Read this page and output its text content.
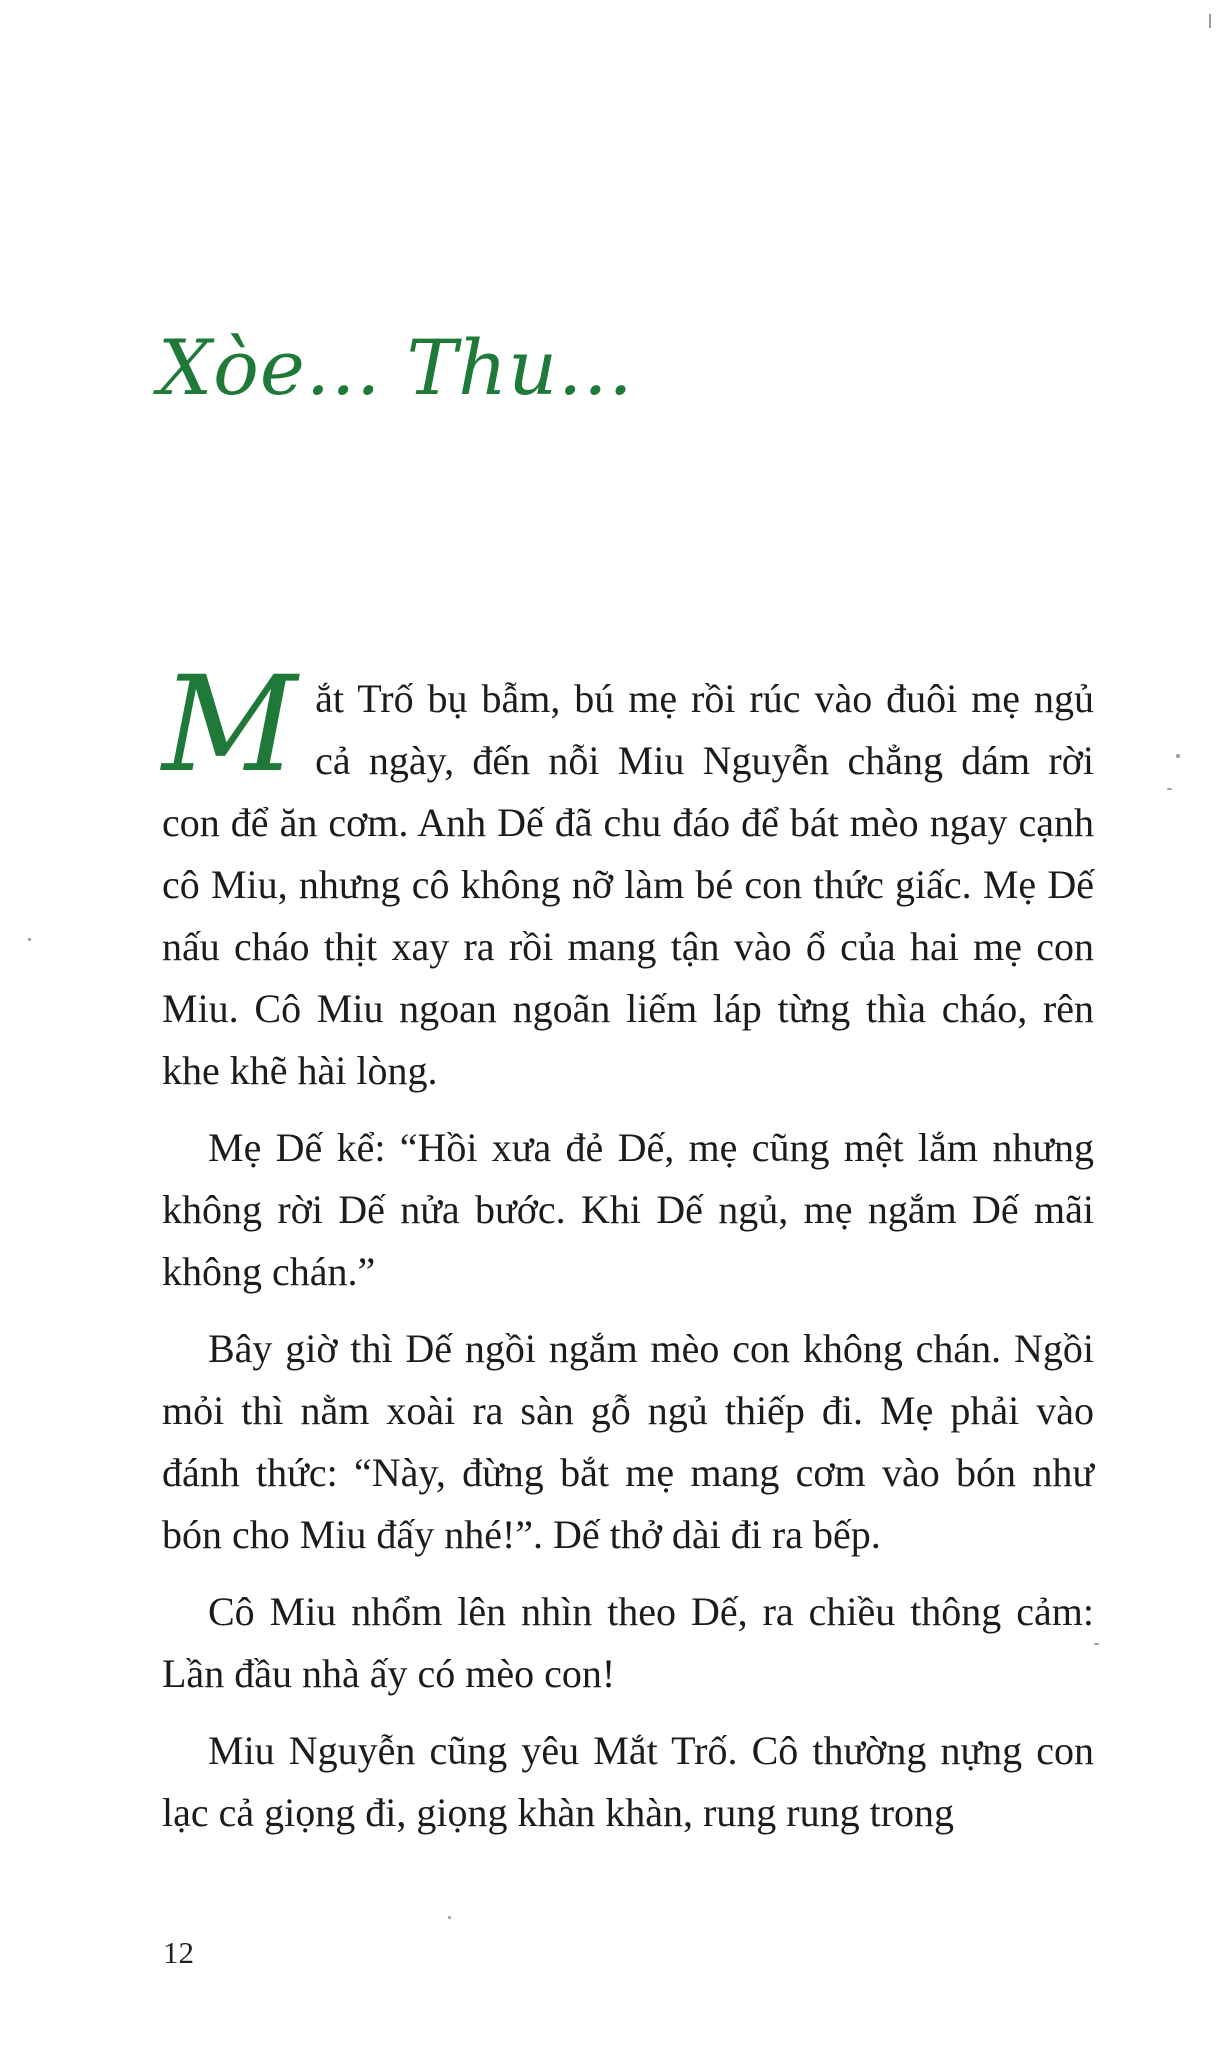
Xòe... Thu...

Mắt Trố bụ bẫm, bú mẹ rồi rúc vào đuôi mẹ ngủ cả ngày, đến nỗi Miu Nguyễn chẳng dám rời con để ăn cơm. Anh Dế đã chu đáo để bát mèo ngay cạnh cô Miu, nhưng cô không nỡ làm bé con thức giấc. Mẹ Dế nấu cháo thịt xay ra rồi mang tận vào ổ của hai mẹ con Miu. Cô Miu ngoan ngoãn liếm láp từng thìa cháo, rên khe khẽ hài lòng.

Mẹ Dế kể: “Hồi xưa đẻ Dế, mẹ cũng mệt lắm nhưng không rời Dế nửa bước. Khi Dế ngủ, mẹ ngắm Dế mãi không chán.”

Bây giờ thì Dế ngồi ngắm mèo con không chán. Ngồi mỏi thì nằm xoài ra sàn gỗ ngủ thiếp đi. Mẹ phải vào đánh thức: “Này, đừng bắt mẹ mang cơm vào bón như bón cho Miu đấy nhé!”. Dế thở dài đi ra bếp.

Cô Miu nhổm lên nhìn theo Dế, ra chiều thông cảm: Lần đầu nhà ấy có mèo con!

Miu Nguyễn cũng yêu Mắt Trố. Cô thường nựng con lạc cả giọng đi, giọng khàn khàn, rung rung trong

12
